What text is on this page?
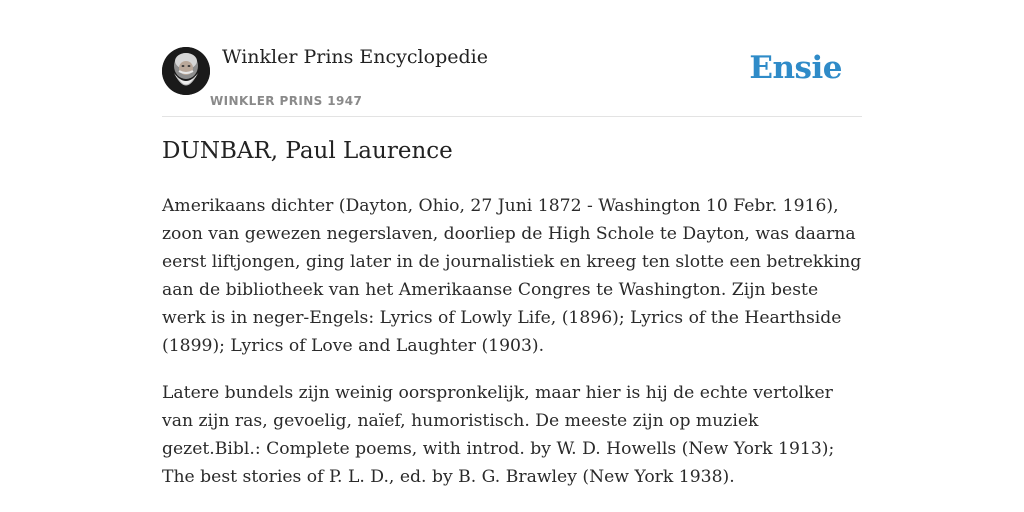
Winkler Prins Encyclopedie
WINKLER PRINS 1947
Ensie
DUNBAR, Paul Laurence

Amerikaans dichter (Dayton, Ohio, 27 Juni 1872 - Washington 10 Febr. 1916), zoon van gewezen negerslaven, doorliep de High Schole te Dayton, was daarna eerst liftjongen, ging later in de journalistiek en kreeg ten slotte een betrekking aan de bibliotheek van het Amerikaanse Congres te Washington. Zijn beste werk is in neger-Engels: Lyrics of Lowly Life, (1896); Lyrics of the Hearthside (1899); Lyrics of Love and Laughter (1903).

Latere bundels zijn weinig oorspronkelijk, maar hier is hij de echte vertolker van zijn ras, gevoelig, naïef, humoristisch. De meeste zijn op muziek gezet.Bibl.: Complete poems, with introd. by W. D. Howells (New York 1913); The best stories of P. L. D., ed. by B. G. Brawley (New York 1938).
